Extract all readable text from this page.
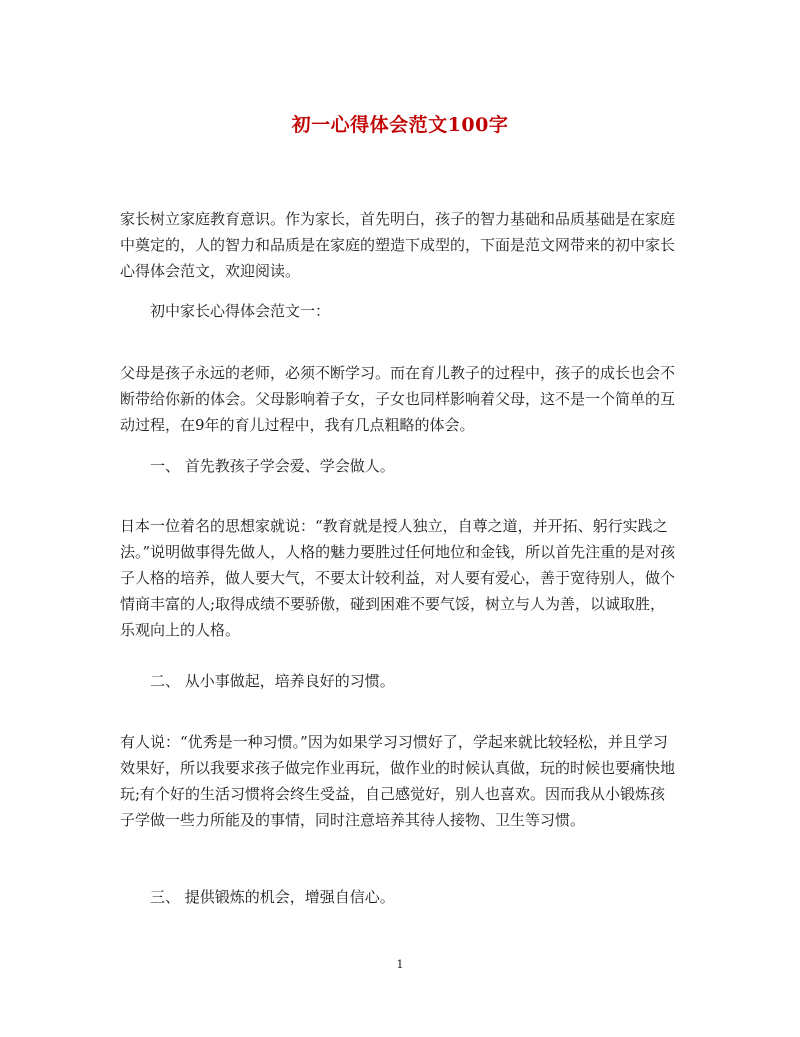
初一心得体会范文100字

家长树立家庭教育意识。作为家长，首先明白，孩子的智力基础和品质基础是在家庭中奠定的，人的智力和品质是在家庭的塑造下成型的，下面是范文网带来的初中家长心得体会范文，欢迎阅读。

初中家长心得体会范文一：

父母是孩子永远的老师，必须不断学习。而在育儿教子的过程中，孩子的成长也会不断带给你新的体会。父母影响着子女，子女也同样影响着父母，这不是一个简单的互动过程，在9年的育儿过程中，我有几点粗略的体会。

一、 首先教孩子学会爱、学会做人。

日本一位着名的思想家就说：“教育就是授人独立，自尊之道，并开拓、躬行实践之法。”说明做事得先做人，人格的魅力要胜过任何地位和金钱，所以首先注重的是对孩子人格的培养，做人要大气，不要太计较利益，对人要有爱心，善于宽待别人，做个情商丰富的人;取得成绩不要骄傲，碰到困难不要气馁，树立与人为善，以诚取胜，乐观向上的人格。

二、 从小事做起，培养良好的习惯。

有人说：“优秀是一种习惯。”因为如果学习习惯好了，学起来就比较轻松，并且学习效果好，所以我要求孩子做完作业再玩，做作业的时候认真做，玩的时候也要痛快地玩;有个好的生活习惯将会终生受益，自己感觉好，别人也喜欢。因而我从小锻炼孩子学做一些力所能及的事情，同时注意培养其待人接物、卫生等习惯。

三、 提供锻炼的机会，增强自信心。

1
